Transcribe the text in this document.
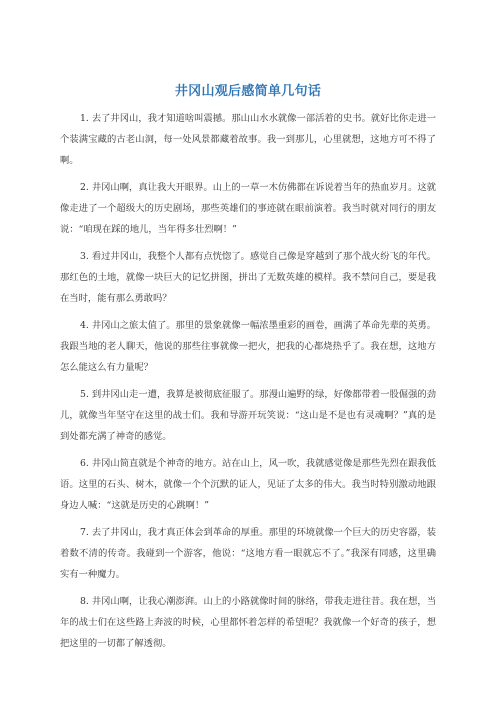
井冈山观后感简单几句话

1. 去了井冈山，我才知道啥叫震撼。那山山水水就像一部活着的史书。就好比你走进一个装满宝藏的古老山洞，每一处风景都藏着故事。我一到那儿，心里就想，这地方可不得了啊。

2. 井冈山啊，真让我大开眼界。山上的一草一木仿佛都在诉说着当年的热血岁月。这就像走进了一个超级大的历史剧场，那些英雄们的事迹就在眼前演着。我当时就对同行的朋友说：“咱现在踩的地儿，当年得多壮烈啊！”

3. 看过井冈山，我整个人都有点恍惚了。感觉自己像是穿越到了那个战火纷飞的年代。那红色的土地，就像一块巨大的记忆拼图，拼出了无数英雄的模样。我不禁问自己，要是我在当时，能有那么勇敢吗？

4. 井冈山之旅太值了。那里的景象就像一幅浓墨重彩的画卷，画满了革命先辈的英勇。我跟当地的老人聊天，他说的那些往事就像一把火，把我的心都烧热乎了。我在想，这地方怎么能这么有力量呢？

5. 到井冈山走一遭，我算是被彻底征服了。那漫山遍野的绿，好像都带着一股倔强的劲儿，就像当年坚守在这里的战士们。我和导游开玩笑说：“这山是不是也有灵魂啊？”真的是到处都充满了神奇的感觉。

6. 井冈山简直就是个神奇的地方。站在山上，风一吹，我就感觉像是那些先烈在跟我低语。这里的石头、树木，就像一个个沉默的证人，见证了太多的伟大。我当时特别激动地跟身边人喊：“这就是历史的心跳啊！”

7. 去了井冈山，我才真正体会到革命的厚重。那里的环境就像一个巨大的历史容器，装着数不清的传奇。我碰到一个游客，他说：“这地方看一眼就忘不了。”我深有同感，这里确实有一种魔力。

8. 井冈山啊，让我心潮澎湃。山上的小路就像时间的脉络，带我走进往昔。我在想，当年的战士们在这些路上奔波的时候，心里都怀着怎样的希望呢？我就像一个好奇的孩子，想把这里的一切都了解透彻。
